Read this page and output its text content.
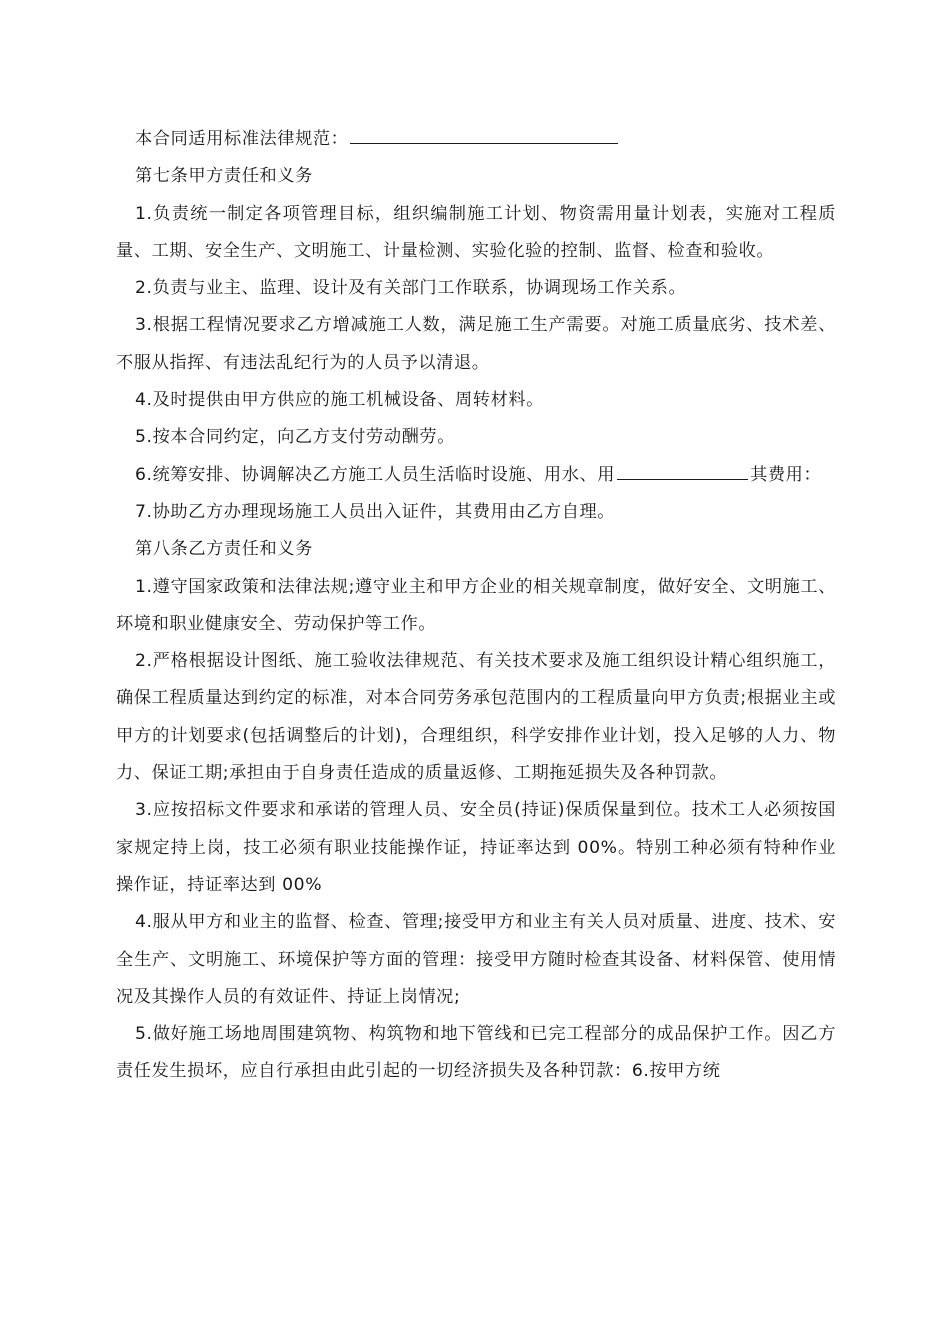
本合同适用标准法律规范：

第七条甲方责任和义务

1.负责统一制定各项管理目标，组织编制施工计划、物资需用量计划表，实施对工程质量、工期、安全生产、文明施工、计量检测、实验化验的控制、监督、检查和验收。

2.负责与业主、监理、设计及有关部门工作联系，协调现场工作关系。

3.根据工程情况要求乙方增减施工人数，满足施工生产需要。对施工质量底劣、技术差、不服从指挥、有违法乱纪行为的人员予以清退。

4.及时提供由甲方供应的施工机械设备、周转材料。

5.按本合同约定，向乙方支付劳动酬劳。

6.统筹安排、协调解决乙方施工人员生活临时设施、用水、用	其费用：

7.协助乙方办理现场施工人员出入证件，其费用由乙方自理。

第八条乙方责任和义务

1.遵守国家政策和法律法规;遵守业主和甲方企业的相关规章制度，做好安全、文明施工、环境和职业健康安全、劳动保护等工作。

2.严格根据设计图纸、施工验收法律规范、有关技术要求及施工组织设计精心组织施工，确保工程质量达到约定的标准，对本合同劳务承包范围内的工程质量向甲方负责;根据业主或甲方的计划要求(包括调整后的计划)，合理组织，科学安排作业计划，投入足够的人力、物力、保证工期;承担由于自身责任造成的质量返修、工期拖延损失及各种罚款。

3.应按招标文件要求和承诺的管理人员、安全员(持证)保质保量到位。技术工人必须按国家规定持上岗，技工必须有职业技能操作证，持证率达到 00%。特别工种必须有特种作业操作证，持证率达到 00%

4.服从甲方和业主的监督、检查、管理;接受甲方和业主有关人员对质量、进度、技术、安全生产、文明施工、环境保护等方面的管理：接受甲方随时检查其设备、材料保管、使用情况及其操作人员的有效证件、持证上岗情况;

5.做好施工场地周围建筑物、构筑物和地下管线和已完工程部分的成品保护工作。因乙方责任发生损坏，应自行承担由此引起的一切经济损失及各种罚款：6.按甲方统
